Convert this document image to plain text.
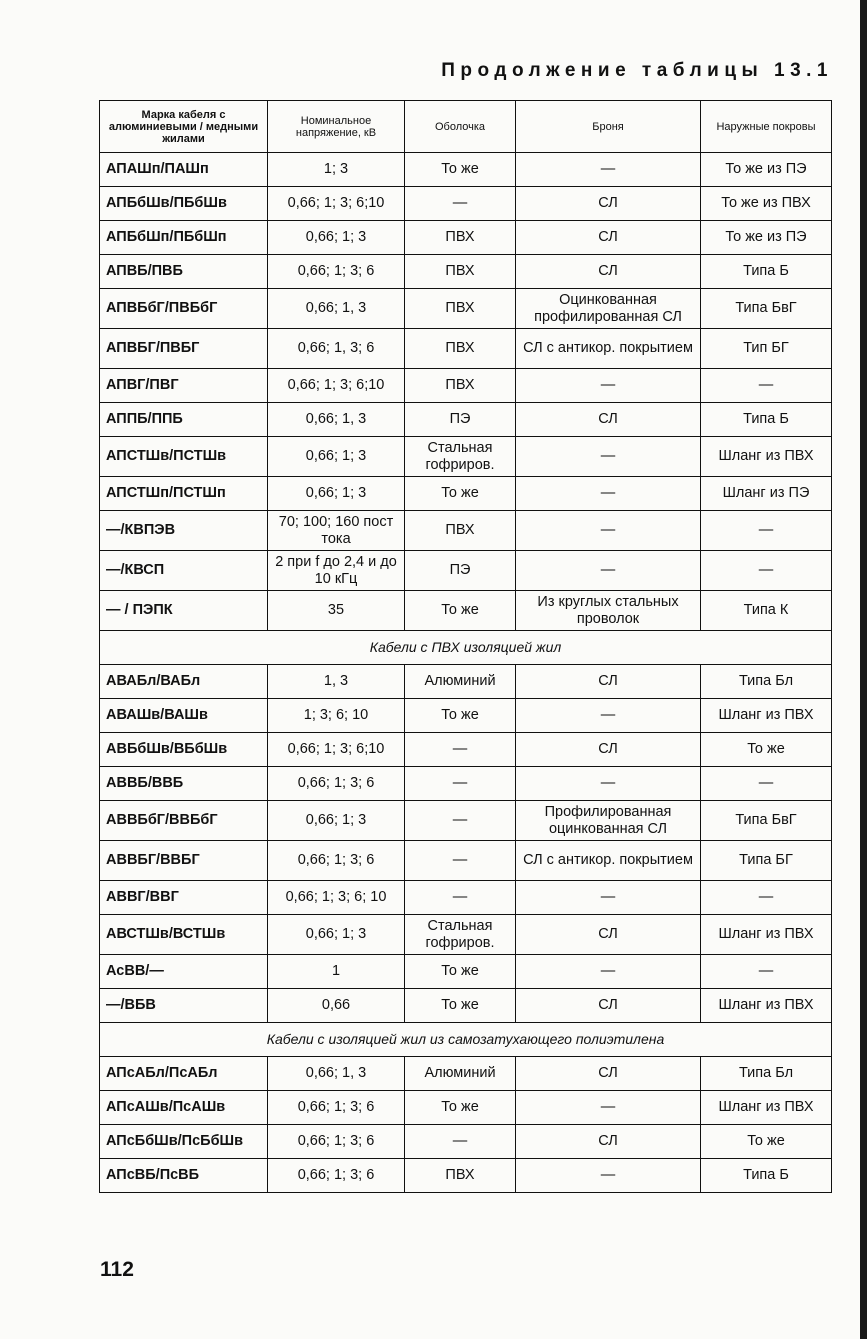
Продолжение таблицы 13.1
Марка кабеля с алюминиевыми / медными жилами	Номинальное напряжение, кВ	Оболочка	Броня	Наружные покровы
АПАШп/ПАШп	1; 3	То же	—	То же из ПЭ
АПБбШв/ПБбШв	0,66; 1; 3; 6;10	—	СЛ	То же из ПВХ
АПБбШп/ПБбШп	0,66; 1; 3	ПВХ	СЛ	То же из ПЭ
АПВБ/ПВБ	0,66; 1; 3; 6	ПВХ	СЛ	Типа Б
АПВБбГ/ПВБбГ	0,66; 1, 3	ПВХ	Оцинкованная профилированная СЛ	Типа БвГ
АПВБГ/ПВБГ	0,66; 1, 3; 6	ПВХ	СЛ с антикор. покрытием	Тип БГ
АПВГ/ПВГ	0,66; 1; 3; 6;10	ПВХ	—	—
АППБ/ППБ	0,66; 1, 3	ПЭ	СЛ	Типа Б
АПСТШв/ПСТШв	0,66; 1; 3	Стальная гофриров.	—	Шланг из ПВХ
АПСТШп/ПСТШп	0,66; 1; 3	То же	—	Шланг из ПЭ
—/КВПЭВ	70; 100; 160 пост тока	ПВХ	—	—
—/КВСП	2 при f до 2,4 и до 10 кГц	ПЭ	—	—
— / ПЭПК	35	То же	Из круглых стальных проволок	Типа К
Кабели с ПВХ изоляцией жил				
АВАБл/ВАБл	1, 3	Алюминий	СЛ	Типа Бл
АВАШв/ВАШв	1; 3; 6; 10	То же	—	Шланг из ПВХ
АВБбШв/ВБбШв	0,66; 1; 3; 6;10	—	СЛ	То же
АВВБ/ВВБ	0,66; 1; 3; 6	—	—	—
АВВБбГ/ВВБбГ	0,66; 1; 3	—	Профилированная оцинкованная СЛ	Типа БвГ
АВВБГ/ВВБГ	0,66; 1; 3; 6	—	СЛ с антикор. покрытием	Типа БГ
АВВГ/ВВГ	0,66; 1; 3; 6; 10	—	—	—
АВСТШв/ВСТШв	0,66; 1; 3	Стальная гофриров.	СЛ	Шланг из ПВХ
АсВВ/—	1	То же	—	—
—/ВБВ	0,66	То же	СЛ	Шланг из ПВХ
Кабели с изоляцией жил из самозатухающего полиэтилена				
АПсАБл/ПсАБл	0,66; 1, 3	Алюминий	СЛ	Типа Бл
АПсАШв/ПсАШв	0,66; 1; 3; 6	То же	—	Шланг из ПВХ
АПсБбШв/ПсБбШв	0,66; 1; 3; 6	—	СЛ	То же
АПсВБ/ПсВБ	0,66; 1; 3; 6	ПВХ	—	Типа Б
112
